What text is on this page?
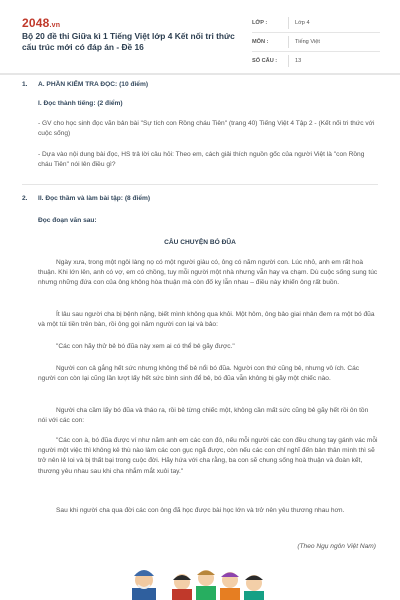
2048.vn
Bộ 20 đề thi Giữa kì 1 Tiếng Việt lớp 4 Kết nối tri thức cấu trúc mới có đáp án - Đề 16
LỚP :	Lớp 4
MÔN :	Tiếng Việt
SỐ CÂU :	13
1.	A. PHẦN KIỂM TRA ĐỌC: (10 điểm)
I. Đọc thành tiếng: (2 điểm)
- GV cho học sinh đọc văn bản bài "Sự tích con Rồng cháu Tiên" (trang 40) Tiếng Việt 4 Tập 2 - (Kết nối tri thức với cuộc sống)
- Dựa vào nội dung bài đọc, HS trả lời câu hỏi: Theo em, cách giải thích nguồn gốc của người Việt là "con Rồng cháu Tiên" nói lên điều gì?
2.	II. Đọc thầm và làm bài tập: (8 điểm)
Đọc đoạn văn sau:
CÂU CHUYỆN BÓ ĐŨA
Ngày xưa, trong một ngôi làng nọ có một người giàu có, ông có năm người con. Lúc nhỏ, anh em rất hoà thuận. Khi lớn lên, anh có vợ, em có chồng, tuy mỗi người một nhà nhưng vẫn hay va chạm. Dù cuộc sống sung túc nhưng những đứa con của ông không hòa thuận mà còn đố kỵ lẫn nhau – điều này khiến ông rất buồn.
Ít lâu sau người cha bị bệnh nặng, biết mình không qua khỏi. Một hôm, ông bảo giai nhân đem ra một bó đũa và một túi tiền trên bàn, rồi ông gọi năm người con lại và bảo:
"Các con hãy thử bẻ bó đũa này xem ai có thể bẻ gãy được."
Người con cả gắng hết sức nhưng không thể bẻ nổi bó đũa. Người con thứ cũng bẻ, nhưng vô ích. Các người con còn lại cũng lần lượt lấy hết sức bình sinh để bẻ, bó đũa vẫn không bị gãy một chiếc nào.
Người cha cầm lấy bó đũa và tháo ra, rồi bẻ từng chiếc một, không cần mất sức cũng bẻ gãy hết rồi ôn tồn nói với các con:
"Các con à, bó đũa được ví như năm anh em các con đó, nếu mỗi người các con đều chung tay gánh vác mỗi người một việc thì không kẻ thù nào làm các con gục ngã được, còn nếu các con chỉ nghĩ đến bản thân mình thì sẽ trở nên lẻ loi và bị thất bại trong cuộc đời. Hãy hứa với cha rằng, ba con sẽ chung sống hoà thuận và đoàn kết, thương yêu nhau sau khi cha nhắm mắt xuôi tay."
Sau khi người cha qua đời các con ông đã học được bài học lớn và trở nên yêu thương nhau hơn.
(Theo Ngụ ngôn Việt Nam)
